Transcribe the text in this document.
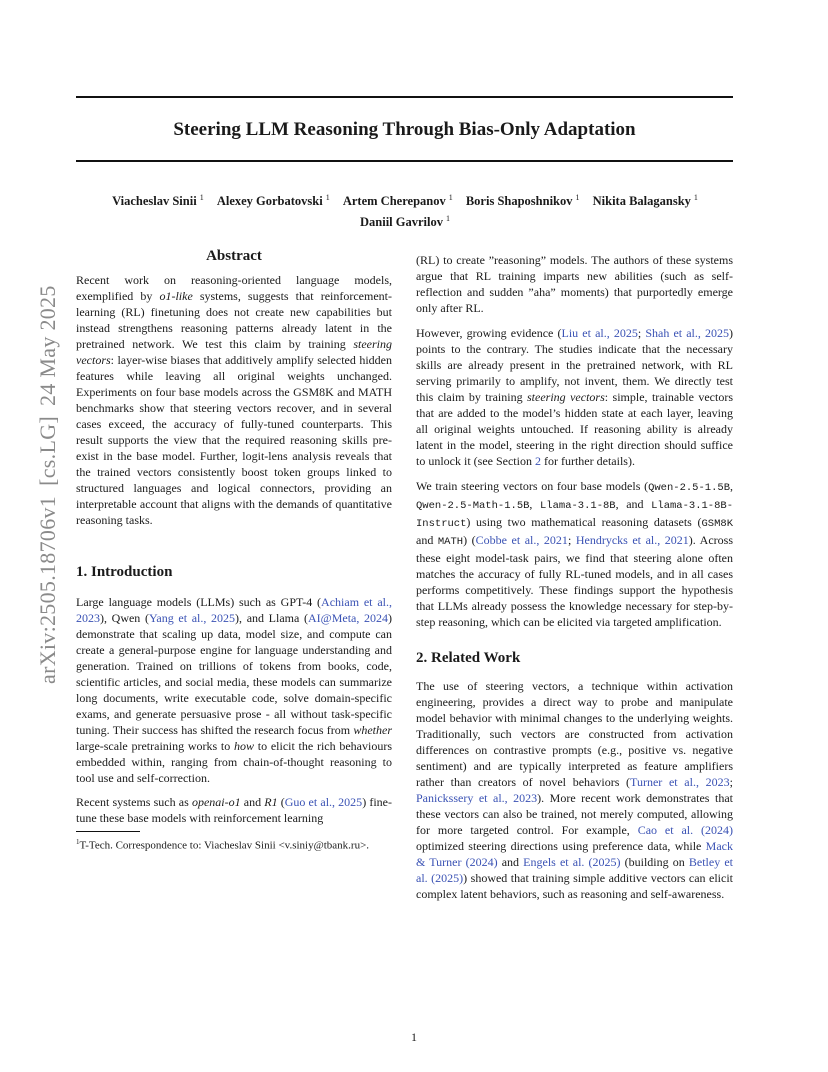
Steering LLM Reasoning Through Bias-Only Adaptation
Viacheslav Sinii $^1$ Alexey Gorbatovski $^1$ Artem Cherepanov $^1$ Boris Shaposhnikov $^1$ Nikita Balagansky $^1$
Daniil Gavrilov $^1$
arXiv:2505.18706v1[cs.LG]24 May 2025
Abstract

Recent work on reasoning-oriented language models, exemplified by o1-like systems, suggests that reinforcement-learning (RL) finetuning does not create new capabilities but instead strengthens reasoning patterns already latent in the pretrained network. We test this claim by training steering vectors: layer-wise biases that additively amplify selected hidden features while leaving all original weights unchanged. Experiments on four base models across the GSM8K and MATH benchmarks show that steering vectors recover, and in several cases exceed, the accuracy of fully-tuned counterparts. This result supports the view that the required reasoning skills pre-exist in the base model. Further, logit-lens analysis reveals that the trained vectors consistently boost token groups linked to structured languages and logical connectors, providing an interpretable account that aligns with the demands of quantitative reasoning tasks.

1. Introduction

Large language models (LLMs) such as GPT-4 (Achiam et al., 2023), Qwen (Yang et al., 2025), and Llama (AI@Meta, 2024) demonstrate that scaling up data, model size, and compute can create a general-purpose engine for language understanding and generation. Trained on trillions of tokens from books, code, scientific articles, and social media, these models can summarize long documents, write executable code, solve domain-specific exams, and generate persuasive prose - all without task-specific tuning. Their success has shifted the research focus from whether large-scale pretraining works to how to elicit the rich behaviours embedded within, ranging from chain-of-thought reasoning to tool use and self-correction.

Recent systems such as openai-o1 and R1 (Guo et al., 2025) fine-tune these base models with reinforcement learning

$^1$T-Tech. Correspondence to: Viacheslav Sinii <v.siniy@tbank.ru>.

(RL) to create ”reasoning” models. The authors of these systems argue that RL training imparts new abilities (such as self-reflection and sudden ”aha” moments) that purportedly emerge only after RL.

However, growing evidence (Liu et al., 2025; Shah et al., 2025) points to the contrary. The studies indicate that the necessary skills are already present in the pretrained network, with RL serving primarily to amplify, not invent, them. We directly test this claim by training steering vectors: simple, trainable vectors that are added to the model’s hidden state at each layer, leaving all original weights untouched. If reasoning ability is already latent in the model, steering in the right direction should suffice to unlock it (see Section 2 for further details).

We train steering vectors on four base models (Qwen-2.5-1.5B, Qwen-2.5-Math-1.5B, Llama-3.1-8B, and Llama-3.1-8B-Instruct) using two mathematical reasoning datasets (GSM8K and MATH) (Cobbe et al., 2021; Hendrycks et al., 2021). Across these eight model-task pairs, we find that steering alone often matches the accuracy of fully RL-tuned models, and in all cases performs competitively. These findings support the hypothesis that LLMs already possess the knowledge necessary for step-by-step reasoning, which can be elicited via targeted amplification.

2. Related Work

The use of steering vectors, a technique within activation engineering, provides a direct way to probe and manipulate model behavior with minimal changes to the underlying weights. Traditionally, such vectors are constructed from activation differences on contrastive prompts (e.g., positive vs. negative sentiment) and are typically interpreted as feature amplifiers rather than creators of novel behaviors (Turner et al., 2023; Panickssery et al., 2023). More recent work demonstrates that these vectors can also be trained, not merely computed, allowing for more targeted control. For example, Cao et al. (2024) optimized steering directions using preference data, while Mack & Turner (2024) and Engels et al. (2025) (building on Betley et al. (2025)) showed that training simple additive vectors can elicit complex latent behaviors, such as reasoning and self-awareness.

1
